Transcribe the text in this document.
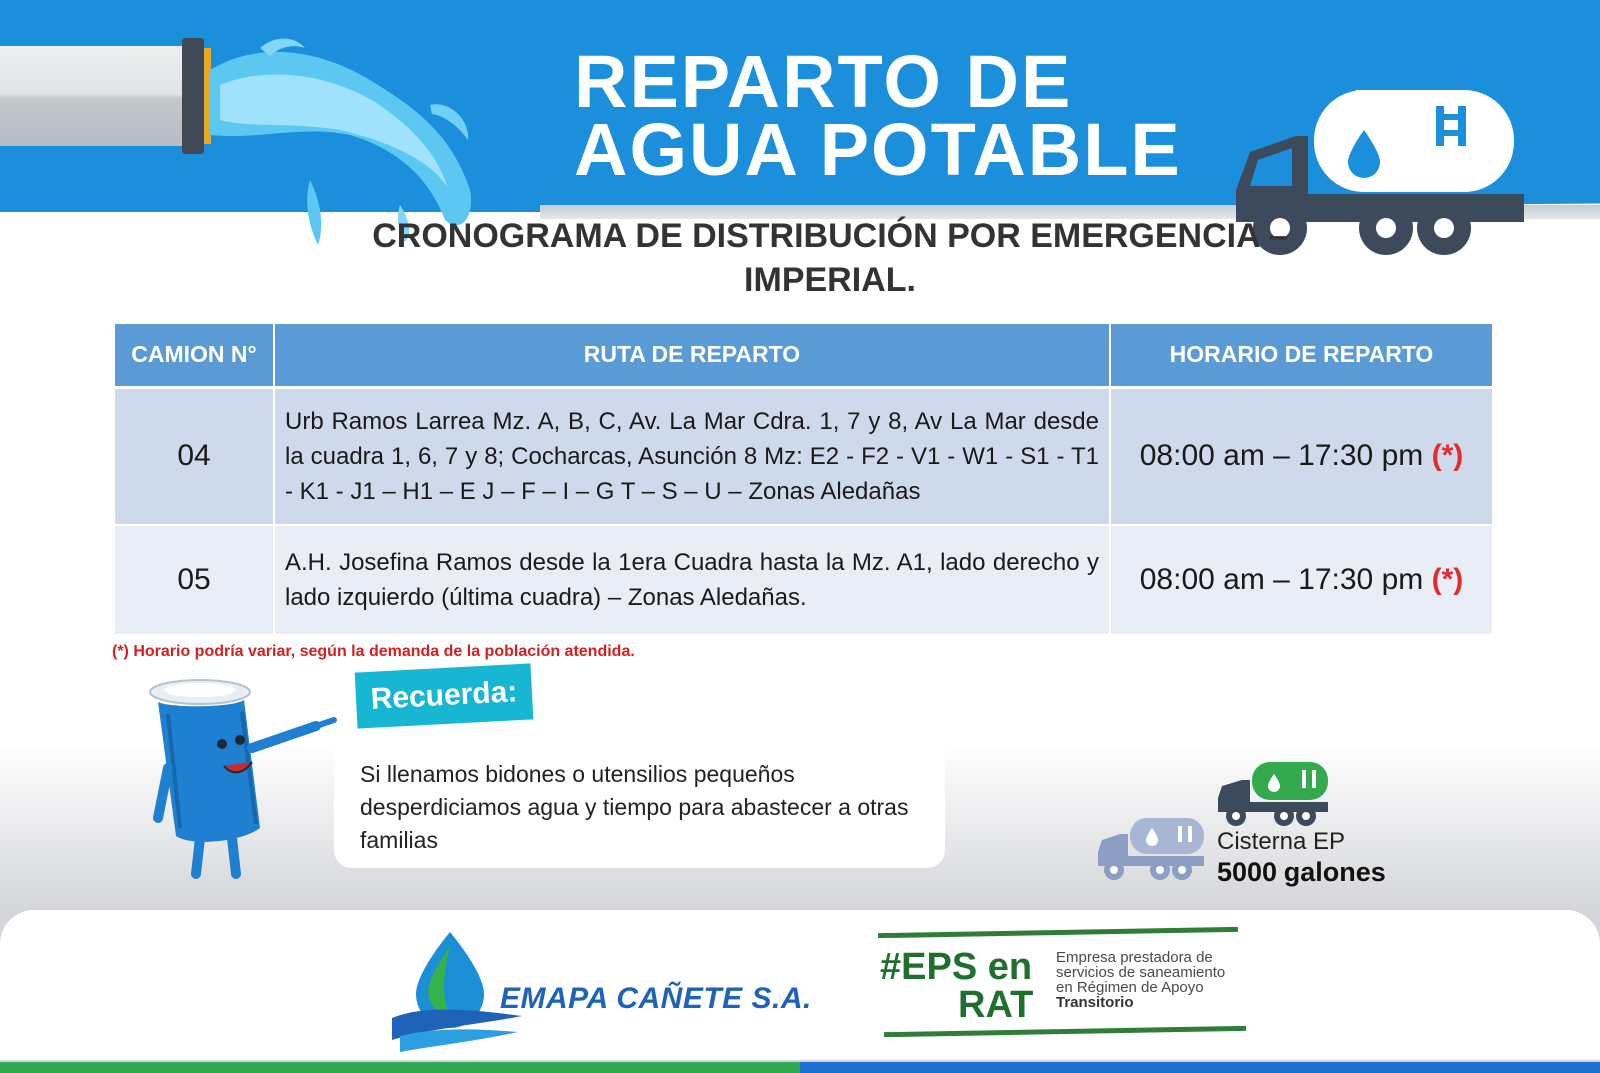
REPARTO DE
AGUA POTABLE
CRONOGRAMA DE DISTRIBUCIÓN POR EMERGENCIA – IMPERIAL.
CAMION N°	RUTA DE REPARTO	HORARIO DE REPARTO
04	Urb Ramos Larrea Mz. A, B, C, Av. La Mar Cdra. 1, 7 y 8, Av La Mar desde la cuadra 1, 6, 7 y 8; Cocharcas, Asunción 8 Mz: E2 - F2 - V1 - W1 - S1 - T1 - K1 - J1 – H1 – E J – F – I – G T – S – U – Zonas Aledañas	08:00 am – 17:30 pm (*)
05	A.H. Josefina Ramos desde la 1era Cuadra hasta la Mz. A1, lado derecho y lado izquierdo (última cuadra) – Zonas Aledañas.	08:00 am – 17:30 pm (*)
(*) Horario podría variar, según la demanda de la población atendida.
Recuerda:
Si llenamos bidones o utensilios pequeños desperdiciamos agua y tiempo para abastecer a otras familias	Cisterna EP
5000 galones
EMAPA CAÑETE S.A.
#EPS en
RAT
Empresa prestadora de
servicios de saneamiento
en Régimen de Apoyo
Transitorio
